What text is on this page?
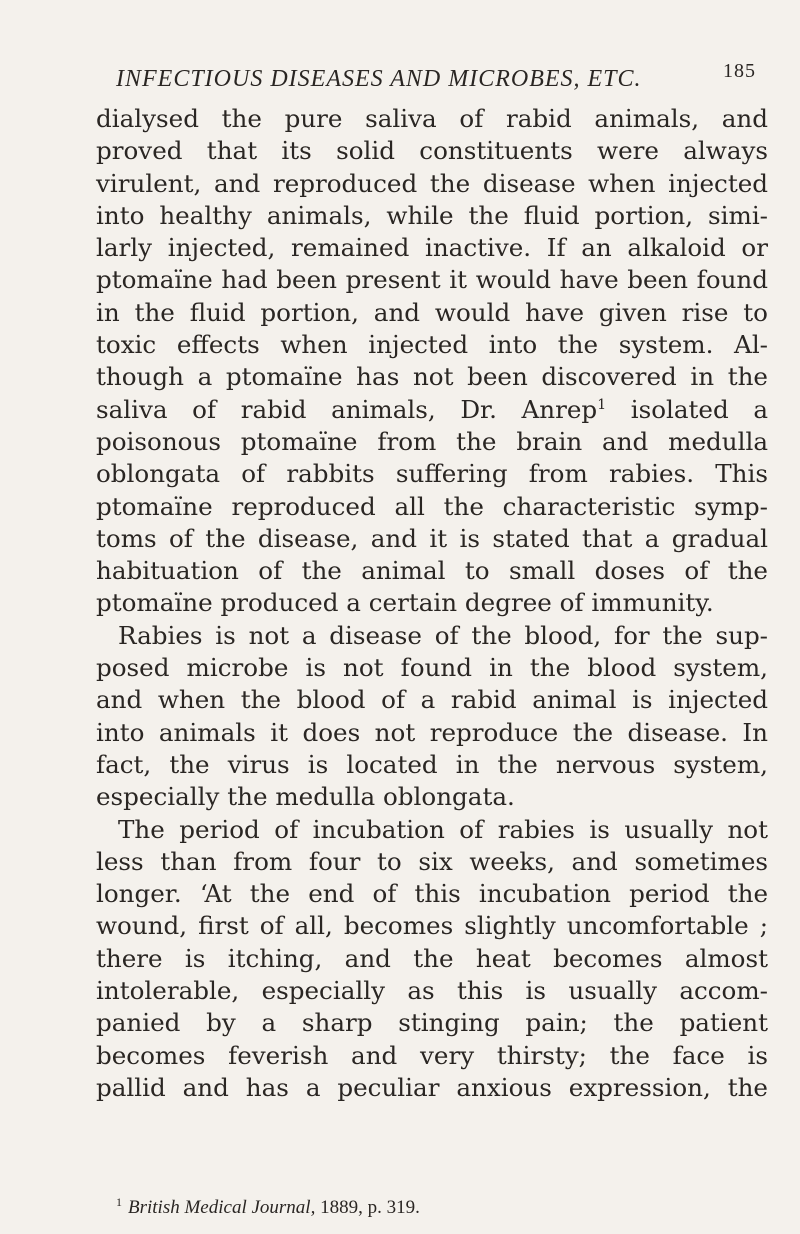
INFECTIOUS DISEASES AND MICROBES, ETC.	185
dialysed the pure saliva of rabid animals, and
proved that its solid constituents were always
virulent, and reproduced the disease when injected
into healthy animals, while the fluid portion, simi-
larly injected, remained inactive. If an alkaloid or
ptomaïne had been present it would have been found
in the fluid portion, and would have given rise to
toxic effects when injected into the system. Al-
though a ptomaïne has not been discovered in the
saliva of rabid animals, Dr. Anrep$^1$ isolated a
poisonous ptomaïne from the brain and medulla
oblongata of rabbits suffering from rabies. This
ptomaïne reproduced all the characteristic symp-
toms of the disease, and it is stated that a gradual
habituation of the animal to small doses of the
ptomaïne produced a certain degree of immunity.
Rabies is not a disease of the blood, for the sup-
posed microbe is not found in the blood system,
and when the blood of a rabid animal is injected
into animals it does not reproduce the disease. In
fact, the virus is located in the nervous system,
especially the medulla oblongata.
The period of incubation of rabies is usually not
less than from four to six weeks, and sometimes
longer. ‘At the end of this incubation period the
wound, first of all, becomes slightly uncomfortable ;
there is itching, and the heat becomes almost
intolerable, especially as this is usually accom-
panied by a sharp stinging pain; the patient
becomes feverish and very thirsty; the face is
pallid and has a peculiar anxious expression, the
$^1$ British Medical Journal, 1889, p. 319.
